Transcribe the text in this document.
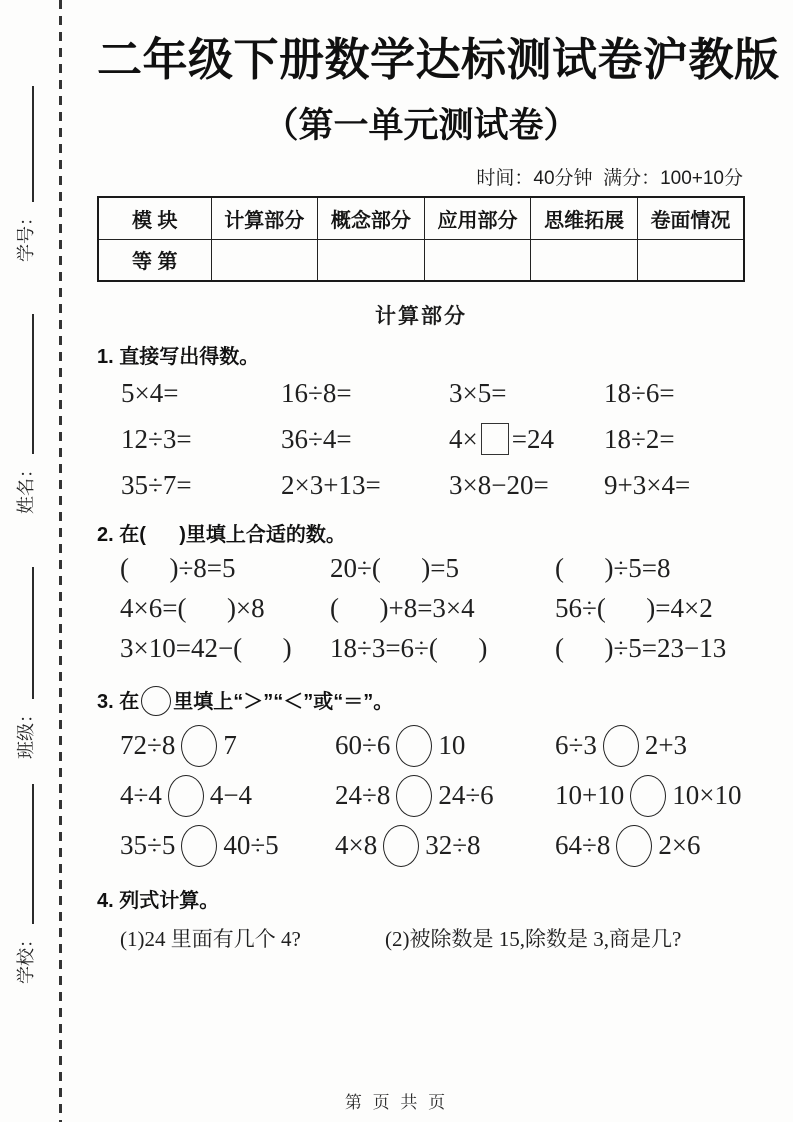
学号：
姓名：
班级：
学校：
二年级下册数学达标测试卷沪教版
（第一单元测试卷）
时间：40分钟  满分：100+10分
模 块	计算部分	概念部分	应用部分	思维拓展	卷面情况
等 第					
计算部分
1. 直接写出得数。
5×4=	16÷8=	3×5=	18÷6=
12÷3=	36÷4=	4× =24	18÷2=
35÷7=	2×3+13=	3×8−20=	9+3×4=
2. 在(      )里填上合适的数。
(      )÷8=5	20÷(      )=5	(      )÷5=8
4×6=(      )×8	(      )+8=3×4	56÷(      )=4×2
3×10=42−(      )	18÷3=6÷(      )	(      )÷5=23−13
3. 在 里填上“＞”“＜”或“＝”。
72÷8 7	60÷6 10	6÷3 2+3
4÷4 4−4	24÷8 24÷6	10+10 10×10
35÷5 40÷5	4×8 32÷8	64÷8 2×6
4. 列式计算。
(1)24 里面有几个 4?	(2)被除数是 15,除数是 3,商是几?
第 页 共 页
